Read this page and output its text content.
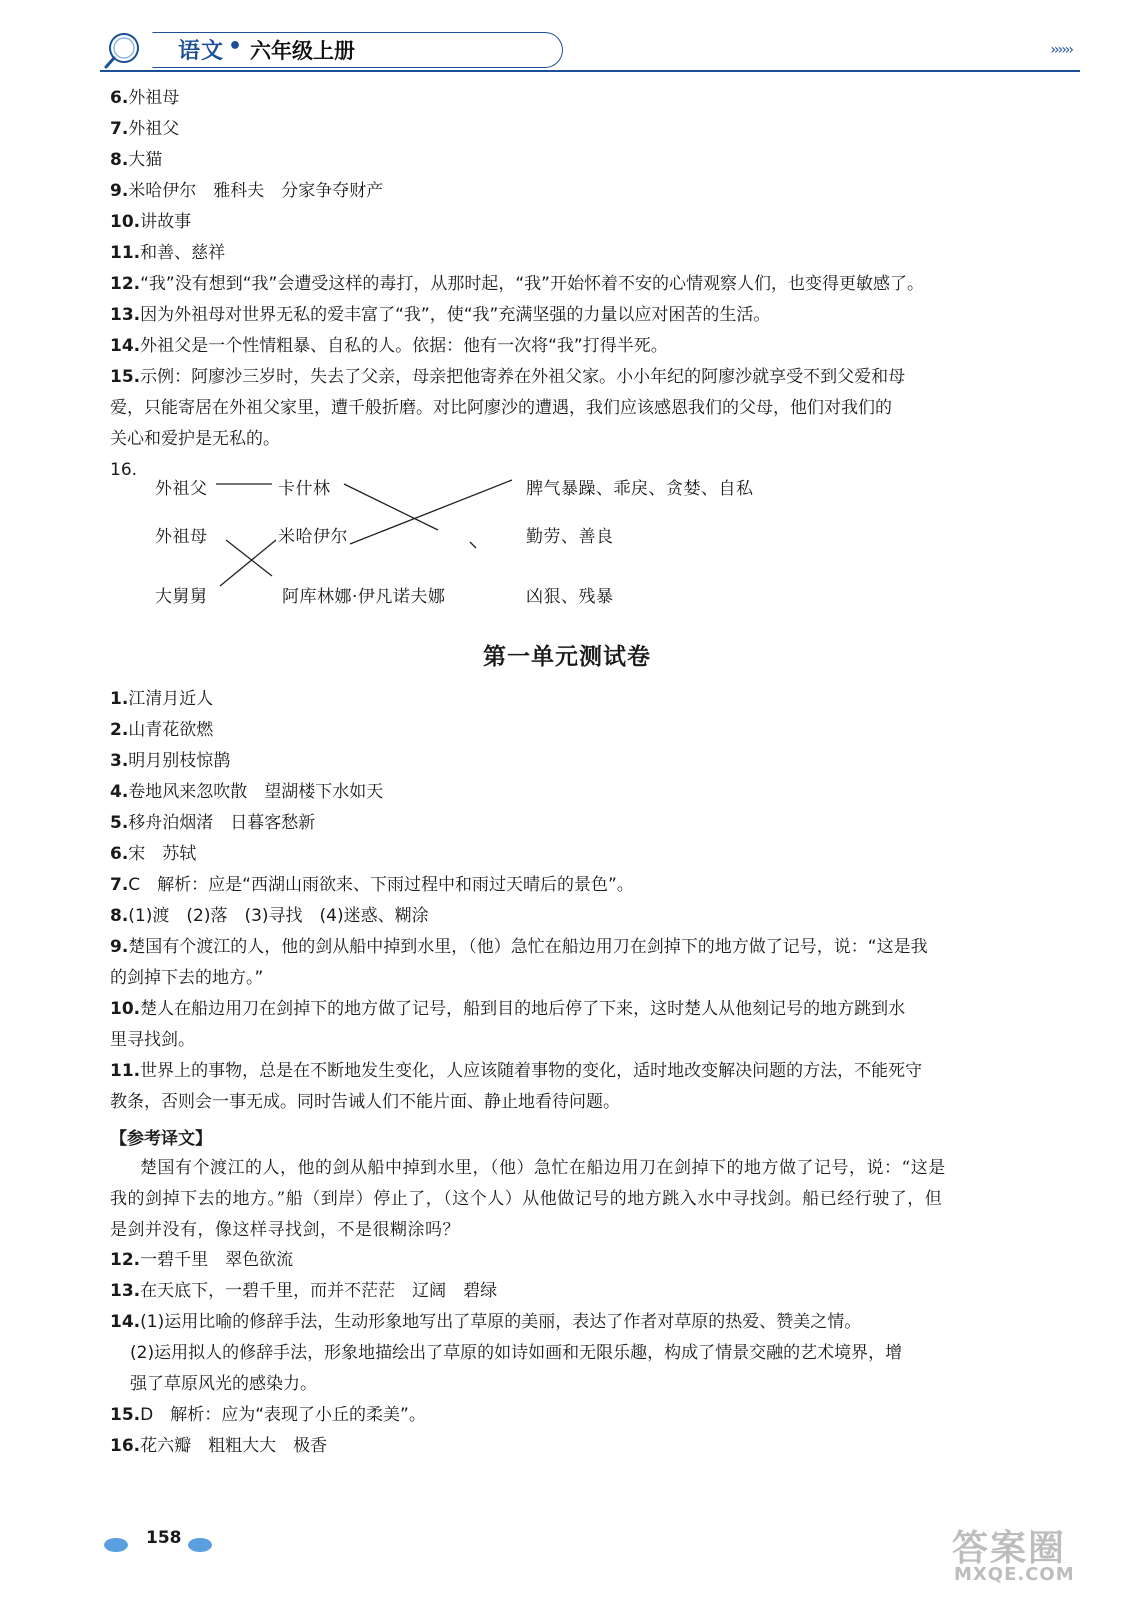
语文 • 六年级上册	››››››
6.外祖母
7.外祖父
8.大猫
9.米哈伊尔　雅科夫　分家争夺财产
10.讲故事
11.和善、慈祥
12.“我”没有想到“我”会遭受这样的毒打，从那时起，“我”开始怀着不安的心情观察人们，也变得更敏感了。
13.因为外祖母对世界无私的爱丰富了“我”，使“我”充满坚强的力量以应对困苦的生活。
14.外祖父是一个性情粗暴、自私的人。依据：他有一次将“我”打得半死。
15.示例：阿廖沙三岁时，失去了父亲，母亲把他寄养在外祖父家。小小年纪的阿廖沙就享受不到父爱和母
爱，只能寄居在外祖父家里，遭千般折磨。对比阿廖沙的遭遇，我们应该感恩我们的父母，他们对我们的
关心和爱护是无私的。
16.
外祖父
外祖母
大舅舅
卡什林
米哈伊尔
阿库林娜·伊凡诺夫娜
脾气暴躁、乖戾、贪婪、自私
勤劳、善良
凶狠、残暴
第一单元测试卷
1.江清月近人
2.山青花欲燃
3.明月别枝惊鹊
4.卷地风来忽吹散　望湖楼下水如天
5.移舟泊烟渚　日暮客愁新
6.宋　苏轼
7.C　解析：应是“西湖山雨欲来、下雨过程中和雨过天晴后的景色”。
8.(1)渡　(2)落　(3)寻找　(4)迷惑、糊涂
9.楚国有个渡江的人，他的剑从船中掉到水里，（他）急忙在船边用刀在剑掉下的地方做了记号，说：“这是我
的剑掉下去的地方。”
10.楚人在船边用刀在剑掉下的地方做了记号，船到目的地后停了下来，这时楚人从他刻记号的地方跳到水
里寻找剑。
11.世界上的事物，总是在不断地发生变化，人应该随着事物的变化，适时地改变解决问题的方法，不能死守
教条，否则会一事无成。同时告诫人们不能片面、静止地看待问题。
【参考译文】
楚国有个渡江的人，他的剑从船中掉到水里，（他）急忙在船边用刀在剑掉下的地方做了记号，说：“这是
我的剑掉下去的地方。”船（到岸）停止了，（这个人）从他做记号的地方跳入水中寻找剑。船已经行驶了，但
是剑并没有，像这样寻找剑，不是很糊涂吗？
12.一碧千里　翠色欲流
13.在天底下，一碧千里，而并不茫茫　辽阔　碧绿
14.(1)运用比喻的修辞手法，生动形象地写出了草原的美丽，表达了作者对草原的热爱、赞美之情。
(2)运用拟人的修辞手法，形象地描绘出了草原的如诗如画和无限乐趣，构成了情景交融的艺术境界，增
强了草原风光的感染力。
15.D　解析：应为“表现了小丘的柔美”。
16.花六瓣　粗粗大大　极香
158	答案圈
MXQE.COM
